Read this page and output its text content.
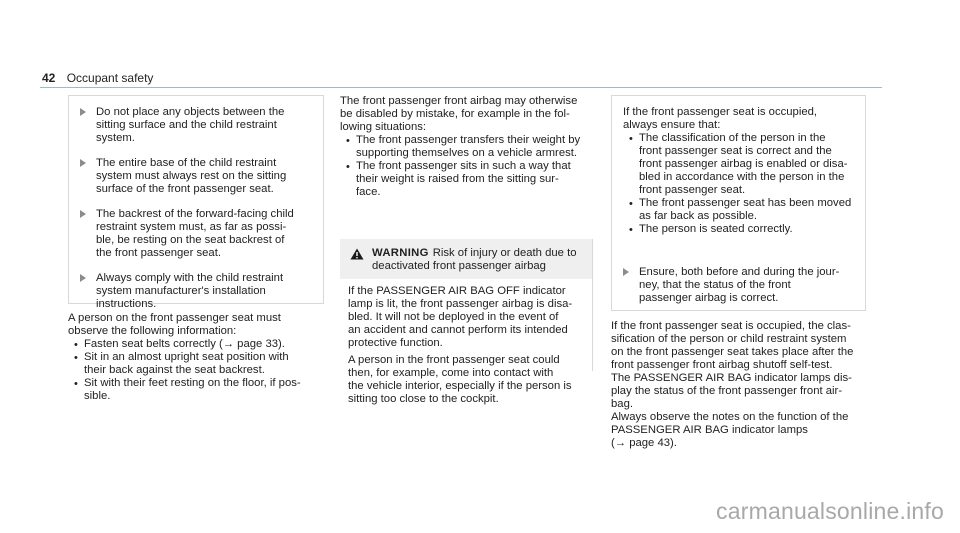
42 Occupant safety

Do not place any objects between the
sitting surface and the child restraint
system.

The entire base of the child restraint
system must always rest on the sitting
surface of the front passenger seat.

The backrest of the forward-facing child
restraint system must, as far as possi-
ble, be resting on the seat backrest of
the front passenger seat.

Always comply with the child restraint
system manufacturer's installation
instructions.

A person on the front passenger seat must
observe the following information:

• Fasten seat belts correctly (→ page 33).
• Sit in an almost upright seat position with
their back against the seat backrest.
• Sit with their feet resting on the floor, if pos-
sible.

The front passenger front airbag may otherwise
be disabled by mistake, for example in the fol-
lowing situations:

• The front passenger transfers their weight by
supporting themselves on a vehicle armrest.
• The front passenger sits in such a way that
their weight is raised from the sitting sur-
face.
WARNING Risk of injury or death due to
deactivated front passenger airbag

If the PASSENGER AIR BAG OFF indicator
lamp is lit, the front passenger airbag is disa-
bled. It will not be deployed in the event of
an accident and cannot perform its intended
protective function.

A person in the front passenger seat could
then, for example, come into contact with
the vehicle interior, especially if the person is
sitting too close to the cockpit.

If the front passenger seat is occupied,
always ensure that:

• The classification of the person in the
front passenger seat is correct and the
front passenger airbag is enabled or disa-
bled in accordance with the person in the
front passenger seat.
• The front passenger seat has been moved
as far back as possible.
• The person is seated correctly.

Ensure, both before and during the jour-
ney, that the status of the front
passenger airbag is correct.

If the front passenger seat is occupied, the clas-
sification of the person or child restraint system
on the front passenger seat takes place after the
front passenger front airbag shutoff self-test.
The PASSENGER AIR BAG indicator lamps dis-
play the status of the front passenger front air-
bag.

Always observe the notes on the function of the
PASSENGER AIR BAG indicator lamps
(→ page 43).

carmanualsonline.info
